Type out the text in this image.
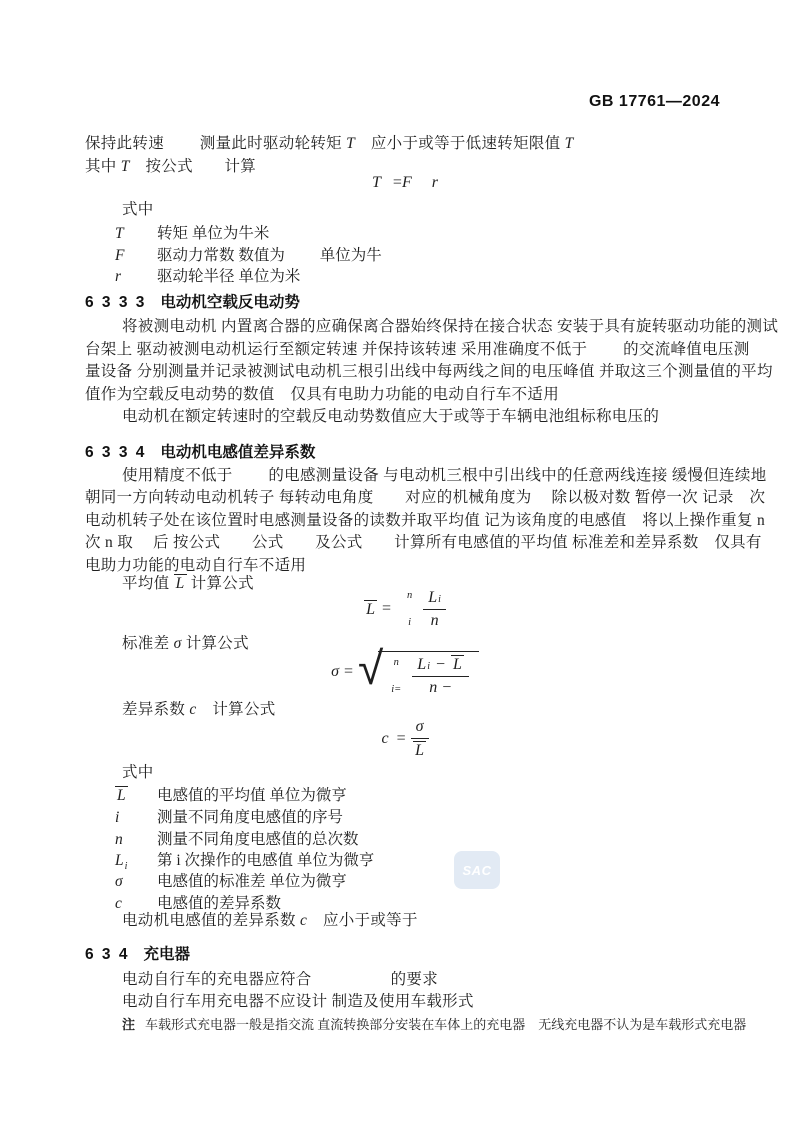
GB 17761—2024
保持此转速　　 测量此时驱动轮转矩 T　应小于或等于低速转矩限值 T
其中 T　按公式　　计算
T = F r
式中
T 转矩 单位为牛米
F 驱动力常数 数值为　　 单位为牛
r 驱动轮半径 单位为米
6 3 3 3 电动机空载反电动势
将被测电动机 内置离合器的应确保离合器始终保持在接合状态 安装于具有旋转驱动功能的测试
台架上 驱动被测电动机运行至额定转速 并保持该转速 采用准确度不低于　　 的交流峰值电压测
量设备 分别测量并记录被测试电动机三根引出线中每两线之间的电压峰值 并取这三个测量值的平均
值作为空载反电动势的数值　仅具有电助力功能的电动自行车不适用
电动机在额定转速时的空载反电动势数值应大于或等于车辆电池组标称电压的
6 3 3 4 电动机电感值差异系数
使用精度不低于　　 的电感测量设备 与电动机三根中引出线中的任意两线连接 缓慢但连续地
朝同一方向转动电动机转子 每转动电角度　　对应的机械角度为　 除以极对数 暂停一次 记录　次
电动机转子处在该位置时电感测量设备的读数并取平均值 记为该角度的电感值　将以上操作重复 n
次 n 取　 后 按公式　　公式　　及公式　　计算所有电感值的平均值 标准差和差异系数　仅具有
电助力功能的电动自行车不适用
平均值 L 计算公式
L =
n
i $\frac{\text{L i}}{n}$
标准差 σ 计算公式
σ = √ n
$i= \frac{\text{L i − L}}{n -}$
差异系数 c　计算公式
$c = \frac{\sigma}{L}$
式中
L 电感值的平均值 单位为微亨
i 测量不同角度电感值的序号
n 测量不同角度电感值的总次数
$L_i$ 第 i 次操作的电感值 单位为微亨
σ 电感值的标准差 单位为微亨
c 电感值的差异系数
电动机电感值的差异系数 c　应小于或等于
6 3 4 充电器
电动自行车的充电器应符合　　　　　的要求
电动自行车用充电器不应设计 制造及使用车载形式
注 车载形式充电器一般是指交流 直流转换部分安装在车体上的充电器　无线充电器不认为是车载形式充电器
SAC
